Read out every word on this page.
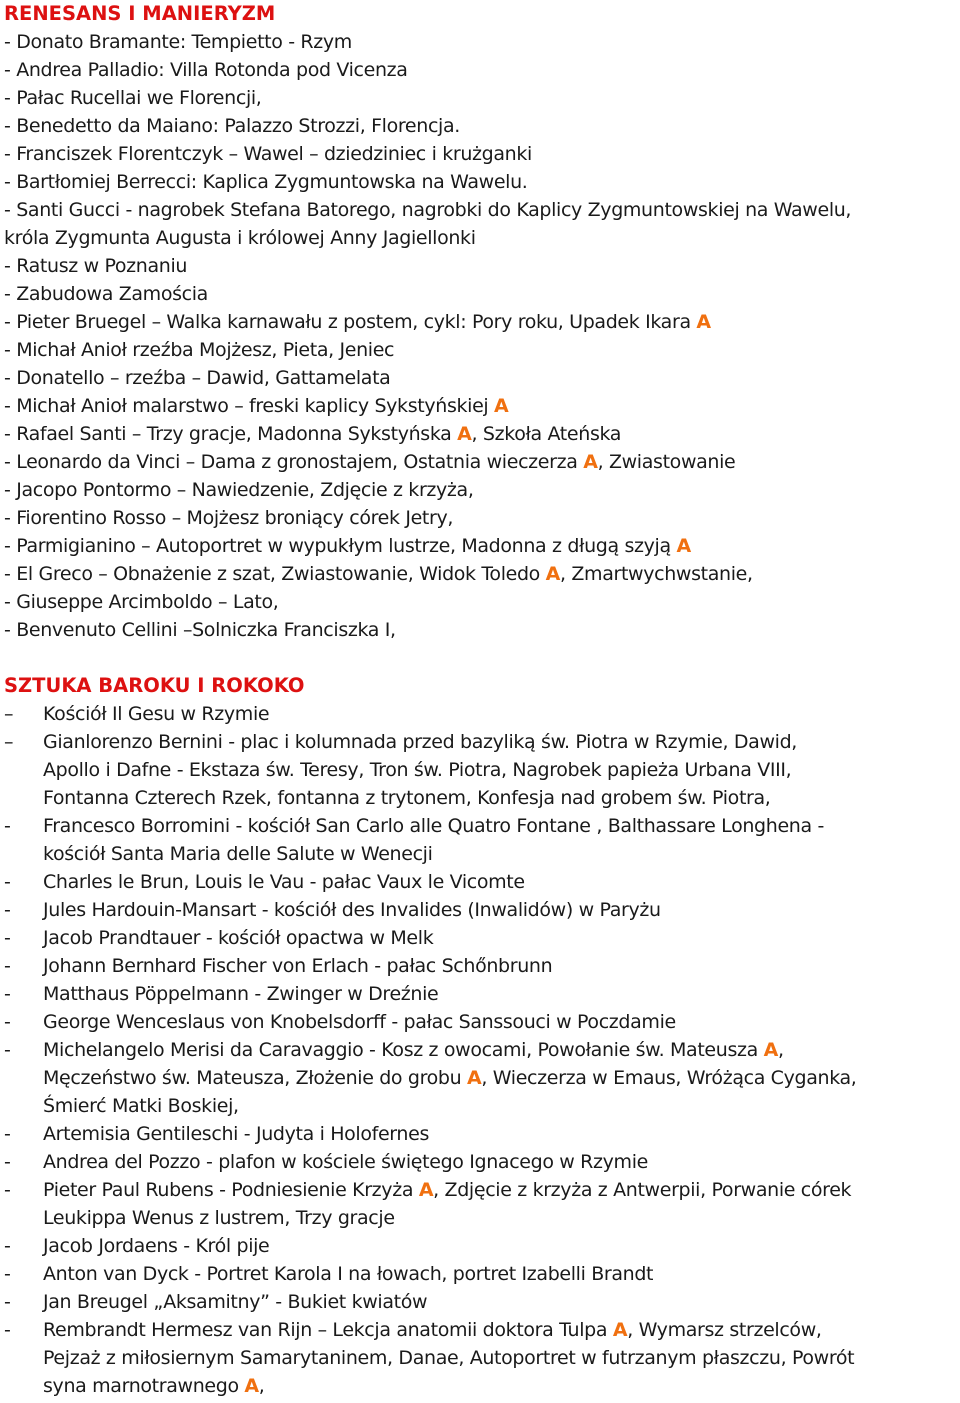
RENESANS I MANIERYZM
- Donato Bramante: Tempietto - Rzym
- Andrea Palladio: Villa Rotonda pod Vicenza
- Pałac Rucellai we Florencji,
- Benedetto da Maiano: Palazzo Strozzi, Florencja.
- Franciszek Florentczyk – Wawel – dziedziniec i krużganki
- Bartłomiej Berrecci: Kaplica Zygmuntowska na Wawelu.
- Santi Gucci - nagrobek Stefana Batorego, nagrobki do Kaplicy Zygmuntowskiej na Wawelu,
króla Zygmunta Augusta i królowej Anny Jagiellonki
- Ratusz w Poznaniu
- Zabudowa Zamościa
- Pieter Bruegel – Walka karnawału z postem, cykl: Pory roku, Upadek Ikara A
- Michał Anioł rzeźba Mojżesz, Pieta, Jeniec
- Donatello – rzeźba – Dawid, Gattamelata
- Michał Anioł malarstwo – freski kaplicy Sykstyńskiej A
- Rafael Santi – Trzy gracje, Madonna Sykstyńska A, Szkoła Ateńska
- Leonardo da Vinci – Dama z gronostajem, Ostatnia wieczerza A, Zwiastowanie
- Jacopo Pontormo – Nawiedzenie, Zdjęcie z krzyża,
- Fiorentino Rosso – Mojżesz broniący córek Jetry,
- Parmigianino – Autoportret w wypukłym lustrze, Madonna z długą szyją A
- El Greco – Obnażenie z szat, Zwiastowanie, Widok Toledo A, Zmartwychwstanie,
- Giuseppe Arcimboldo – Lato,
- Benvenuto Cellini –Solniczka Franciszka I,
SZTUKA BAROKU I ROKOKO
– Kościół Il Gesu w Rzymie
– Gianlorenzo Bernini - plac i kolumnada przed bazyliką św. Piotra w Rzymie, Dawid,
Apollo i Dafne - Ekstaza św. Teresy, Tron św. Piotra, Nagrobek papieża Urbana VIII,
Fontanna Czterech Rzek, fontanna z trytonem, Konfesja nad grobem św. Piotra,
- Francesco Borromini - kościół San Carlo alle Quatro Fontane , Balthassare Longhena -
kościół Santa Maria delle Salute w Wenecji
- Charles le Brun, Louis le Vau - pałac Vaux le Vicomte
- Jules Hardouin-Mansart - kościół des Invalides (Inwalidów) w Paryżu
- Jacob Prandtauer - kościół opactwa w Melk
- Johann Bernhard Fischer von Erlach - pałac Schőnbrunn
- Matthaus Pöppelmann - Zwinger w Dreźnie
- George Wenceslaus von Knobelsdorff - pałac Sanssouci w Poczdamie
- Michelangelo Merisi da Caravaggio - Kosz z owocami, Powołanie św. Mateusza A,
Męczeństwo św. Mateusza, Złożenie do grobu A, Wieczerza w Emaus, Wróżąca Cyganka,
Śmierć Matki Boskiej,
- Artemisia Gentileschi - Judyta i Holofernes
- Andrea del Pozzo - plafon w kościele świętego Ignacego w Rzymie
- Pieter Paul Rubens - Podniesienie Krzyża A, Zdjęcie z krzyża z Antwerpii, Porwanie córek
Leukippa Wenus z lustrem, Trzy gracje
- Jacob Jordaens - Król pije
- Anton van Dyck - Portret Karola I na łowach, portret Izabelli Brandt
- Jan Breugel „Aksamitny” - Bukiet kwiatów
- Rembrandt Hermesz van Rijn – Lekcja anatomii doktora Tulpa A, Wymarsz strzelców,
Pejzaż z miłosiernym Samarytaninem, Danae, Autoportret w futrzanym płaszczu, Powrót
syna marnotrawnego A,
